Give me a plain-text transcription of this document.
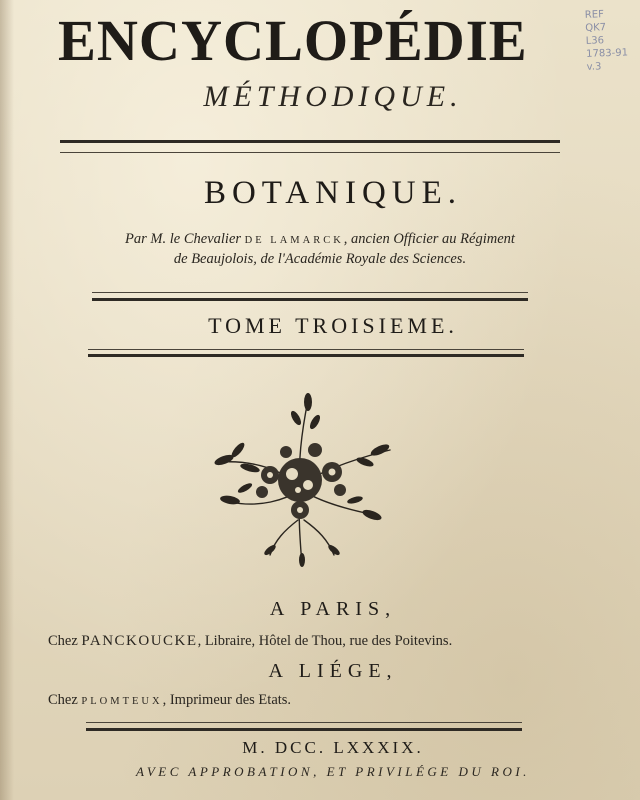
ENCYCLOPÉDIE
MÉTHODIQUE.
REF
QK7
L36
1783-91
v.3
BOTANIQUE.
Par M. le Chevalier DE LAMARCK, ancien Officier au Régiment
de Beaujolois, de l'Académie Royale des Sciences.
TOME TROISIEME.
A PARIS,
Chez PANCKOUCKE, Libraire, Hôtel de Thou, rue des Poitevins.
A LIÉGE,
Chez PLOMTEUX, Imprimeur des Etats.
M. DCC. LXXXIX.
AVEC APPROBATION, ET PRIVILÉGE DU ROI.
